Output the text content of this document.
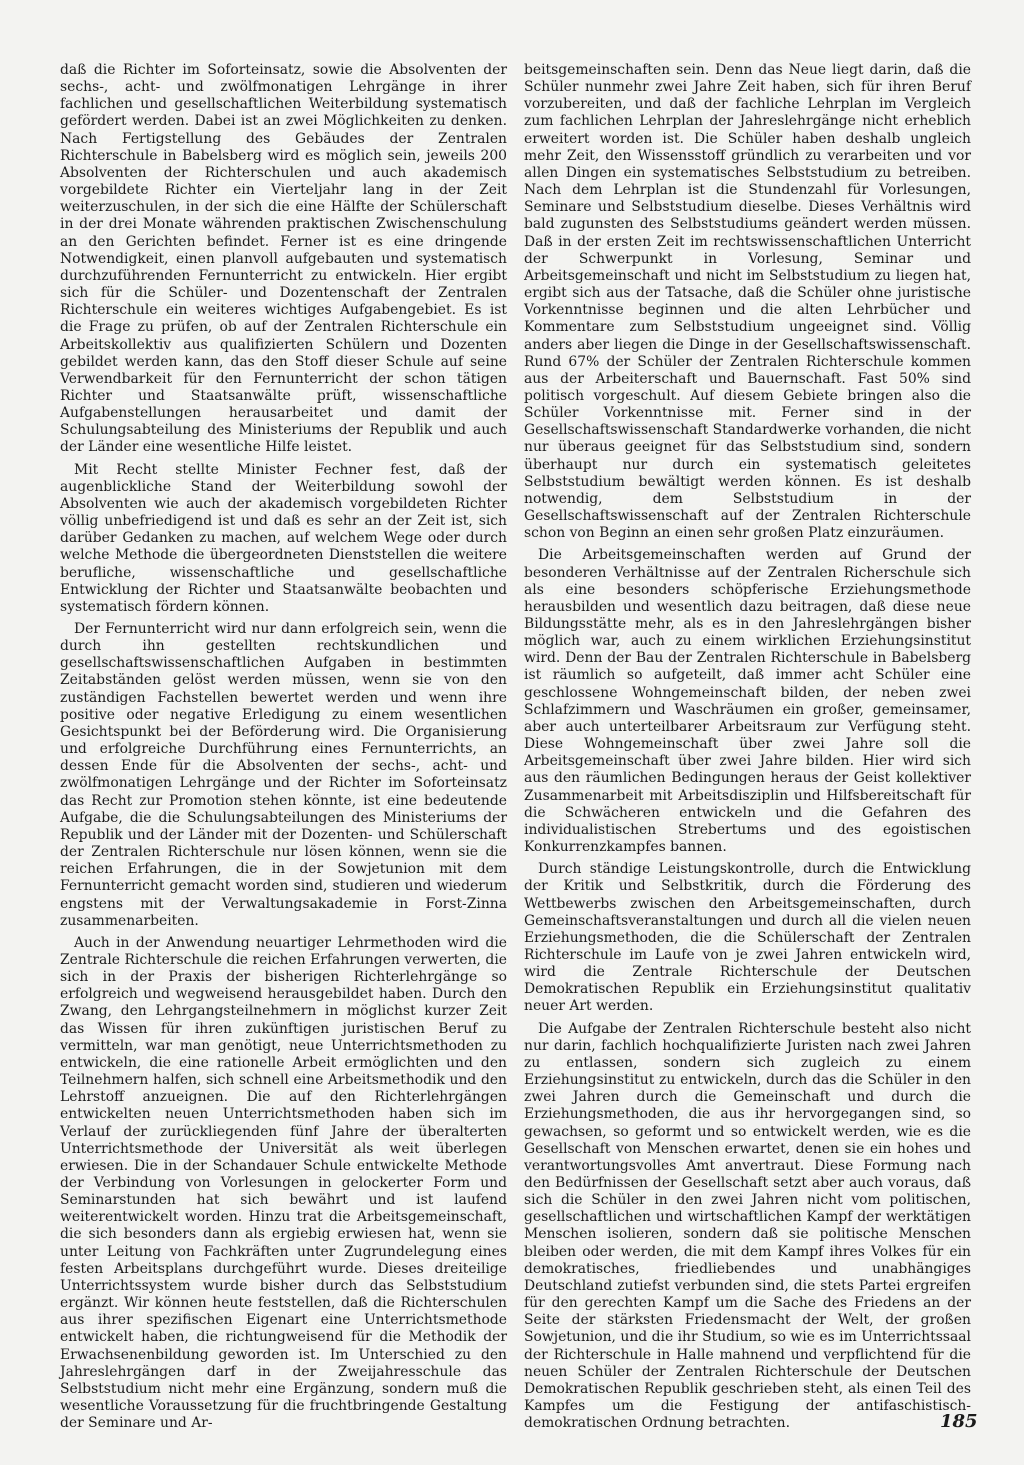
daß die Richter im Soforteinsatz, sowie die Absolventen der sechs-, acht- und zwölfmonatigen Lehrgänge in ihrer fachlichen und gesellschaftlichen Weiterbildung systematisch gefördert werden. Dabei ist an zwei Möglichkeiten zu denken. Nach Fertigstellung des Gebäudes der Zentralen Richterschule in Babelsberg wird es möglich sein, jeweils 200 Absolventen der Richterschulen und auch akademisch vorgebildete Richter ein Vierteljahr lang in der Zeit weiterzuschulen, in der sich die eine Hälfte der Schülerschaft in der drei Monate währenden praktischen Zwischenschulung an den Gerichten befindet. Ferner ist es eine dringende Notwendigkeit, einen planvoll aufgebauten und systematisch durchzuführenden Fernunterricht zu entwickeln. Hier ergibt sich für die Schüler- und Dozentenschaft der Zentralen Richterschule ein weiteres wichtiges Aufgabengebiet. Es ist die Frage zu prüfen, ob auf der Zentralen Richterschule ein Arbeitskollektiv aus qualifizierten Schülern und Dozenten gebildet werden kann, das den Stoff dieser Schule auf seine Verwendbarkeit für den Fernunterricht der schon tätigen Richter und Staatsanwälte prüft, wissenschaftliche Aufgabenstellungen herausarbeitet und damit der Schulungsabteilung des Ministeriums der Republik und auch der Länder eine wesentliche Hilfe leistet.

Mit Recht stellte Minister Fechner fest, daß der augenblickliche Stand der Weiterbildung sowohl der Absolventen wie auch der akademisch vorgebildeten Richter völlig unbefriedigend ist und daß es sehr an der Zeit ist, sich darüber Gedanken zu machen, auf welchem Wege oder durch welche Methode die übergeordneten Dienststellen die weitere berufliche, wissenschaftliche und gesellschaftliche Entwicklung der Richter und Staatsanwälte beobachten und systematisch fördern können.

Der Fernunterricht wird nur dann erfolgreich sein, wenn die durch ihn gestellten rechtskundlichen und gesellschaftswissenschaftlichen Aufgaben in bestimmten Zeitabständen gelöst werden müssen, wenn sie von den zuständigen Fachstellen bewertet werden und wenn ihre positive oder negative Erledigung zu einem wesentlichen Gesichtspunkt bei der Beförderung wird. Die Organisierung und erfolgreiche Durchführung eines Fernunterrichts, an dessen Ende für die Absolventen der sechs-, acht- und zwölfmonatigen Lehrgänge und der Richter im Soforteinsatz das Recht zur Promotion stehen könnte, ist eine bedeutende Aufgabe, die die Schulungsabteilungen des Ministeriums der Republik und der Länder mit der Dozenten- und Schülerschaft der Zentralen Richterschule nur lösen können, wenn sie die reichen Erfahrungen, die in der Sowjetunion mit dem Fernunterricht gemacht worden sind, studieren und wiederum engstens mit der Verwaltungsakademie in Forst-Zinna zusammenarbeiten.

Auch in der Anwendung neuartiger Lehrmethoden wird die Zentrale Richterschule die reichen Erfahrungen verwerten, die sich in der Praxis der bisherigen Richterlehrgänge so erfolgreich und wegweisend herausgebildet haben. Durch den Zwang, den Lehrgangsteilnehmern in möglichst kurzer Zeit das Wissen für ihren zukünftigen juristischen Beruf zu vermitteln, war man genötigt, neue Unterrichtsmethoden zu entwickeln, die eine rationelle Arbeit ermöglichten und den Teilnehmern halfen, sich schnell eine Arbeitsmethodik und den Lehrstoff anzueignen. Die auf den Richterlehrgängen entwickelten neuen Unterrichtsmethoden haben sich im Verlauf der zurückliegenden fünf Jahre der überalterten Unterrichtsmethode der Universität als weit überlegen erwiesen. Die in der Schandauer Schule entwickelte Methode der Verbindung von Vorlesungen in gelockerter Form und Seminarstunden hat sich bewährt und ist laufend weiterentwickelt worden. Hinzu trat die Arbeitsgemeinschaft, die sich besonders dann als ergiebig erwiesen hat, wenn sie unter Leitung von Fachkräften unter Zugrundelegung eines festen Arbeitsplans durchgeführt wurde. Dieses dreiteilige Unterrichtssystem wurde bisher durch das Selbststudium ergänzt. Wir können heute feststellen, daß die Richterschulen aus ihrer spezifischen Eigenart eine Unterrichtsmethode entwickelt haben, die richtungweisend für die Methodik der Erwachsenenbildung geworden ist. Im Unterschied zu den Jahreslehrgängen darf in der Zweijahresschule das Selbststudium nicht mehr eine Ergänzung, sondern muß die wesentliche Voraussetzung für die fruchtbringende Gestaltung der Seminare und Ar-

beitsgemeinschaften sein. Denn das Neue liegt darin, daß die Schüler nunmehr zwei Jahre Zeit haben, sich für ihren Beruf vorzubereiten, und daß der fachliche Lehrplan im Vergleich zum fachlichen Lehrplan der Jahreslehrgänge nicht erheblich erweitert worden ist. Die Schüler haben deshalb ungleich mehr Zeit, den Wissensstoff gründlich zu verarbeiten und vor allen Dingen ein systematisches Selbststudium zu betreiben. Nach dem Lehrplan ist die Stundenzahl für Vorlesungen, Seminare und Selbststudium dieselbe. Dieses Verhältnis wird bald zugunsten des Selbststudiums geändert werden müssen. Daß in der ersten Zeit im rechtswissenschaftlichen Unterricht der Schwerpunkt in Vorlesung, Seminar und Arbeitsgemeinschaft und nicht im Selbststudium zu liegen hat, ergibt sich aus der Tatsache, daß die Schüler ohne juristische Vorkenntnisse beginnen und die alten Lehrbücher und Kommentare zum Selbststudium ungeeignet sind. Völlig anders aber liegen die Dinge in der Gesellschaftswissenschaft. Rund 67% der Schüler der Zentralen Richterschule kommen aus der Arbeiterschaft und Bauernschaft. Fast 50% sind politisch vorgeschult. Auf diesem Gebiete bringen also die Schüler Vorkenntnisse mit. Ferner sind in der Gesellschaftswissenschaft Standardwerke vorhanden, die nicht nur überaus geeignet für das Selbststudium sind, sondern überhaupt nur durch ein systematisch geleitetes Selbststudium bewältigt werden können. Es ist deshalb notwendig, dem Selbststudium in der Gesellschaftswissenschaft auf der Zentralen Richterschule schon von Beginn an einen sehr großen Platz einzuräumen.

Die Arbeitsgemeinschaften werden auf Grund der besonderen Verhältnisse auf der Zentralen Richerschule sich als eine besonders schöpferische Erziehungsmethode herausbilden und wesentlich dazu beitragen, daß diese neue Bildungsstätte mehr, als es in den Jahreslehrgängen bisher möglich war, auch zu einem wirklichen Erziehungsinstitut wird. Denn der Bau der Zentralen Richterschule in Babelsberg ist räumlich so aufgeteilt, daß immer acht Schüler eine geschlossene Wohngemeinschaft bilden, der neben zwei Schlafzimmern und Waschräumen ein großer, gemeinsamer, aber auch unterteilbarer Arbeitsraum zur Verfügung steht. Diese Wohngemeinschaft über zwei Jahre soll die Arbeitsgemeinschaft über zwei Jahre bilden. Hier wird sich aus den räumlichen Bedingungen heraus der Geist kollektiver Zusammenarbeit mit Arbeitsdisziplin und Hilfsbereitschaft für die Schwächeren entwickeln und die Gefahren des individualistischen Strebertums und des egoistischen Konkurrenzkampfes bannen.

Durch ständige Leistungskontrolle, durch die Entwicklung der Kritik und Selbstkritik, durch die Förderung des Wettbewerbs zwischen den Arbeitsgemeinschaften, durch Gemeinschaftsveranstaltungen und durch all die vielen neuen Erziehungsmethoden, die die Schülerschaft der Zentralen Richterschule im Laufe von je zwei Jahren entwickeln wird, wird die Zentrale Richterschule der Deutschen Demokratischen Republik ein Erziehungsinstitut qualitativ neuer Art werden.

Die Aufgabe der Zentralen Richterschule besteht also nicht nur darin, fachlich hochqualifizierte Juristen nach zwei Jahren zu entlassen, sondern sich zugleich zu einem Erziehungsinstitut zu entwickeln, durch das die Schüler in den zwei Jahren durch die Gemeinschaft und durch die Erziehungsmethoden, die aus ihr hervorgegangen sind, so gewachsen, so geformt und so entwickelt werden, wie es die Gesellschaft von Menschen erwartet, denen sie ein hohes und verantwortungsvolles Amt anvertraut. Diese Formung nach den Bedürfnissen der Gesellschaft setzt aber auch voraus, daß sich die Schüler in den zwei Jahren nicht vom politischen, gesellschaftlichen und wirtschaftlichen Kampf der werktätigen Menschen isolieren, sondern daß sie politische Menschen bleiben oder werden, die mit dem Kampf ihres Volkes für ein demokratisches, friedliebendes und unabhängiges Deutschland zutiefst verbunden sind, die stets Partei ergreifen für den gerechten Kampf um die Sache des Friedens an der Seite der stärksten Friedensmacht der Welt, der großen Sowjetunion, und die ihr Studium, so wie es im Unterrichtssaal der Richterschule in Halle mahnend und verpflichtend für die neuen Schüler der Zentralen Richterschule der Deutschen Demokratischen Republik geschrieben steht, als einen Teil des Kampfes um die Festigung der antifaschistisch-demokratischen Ordnung betrachten.	185
